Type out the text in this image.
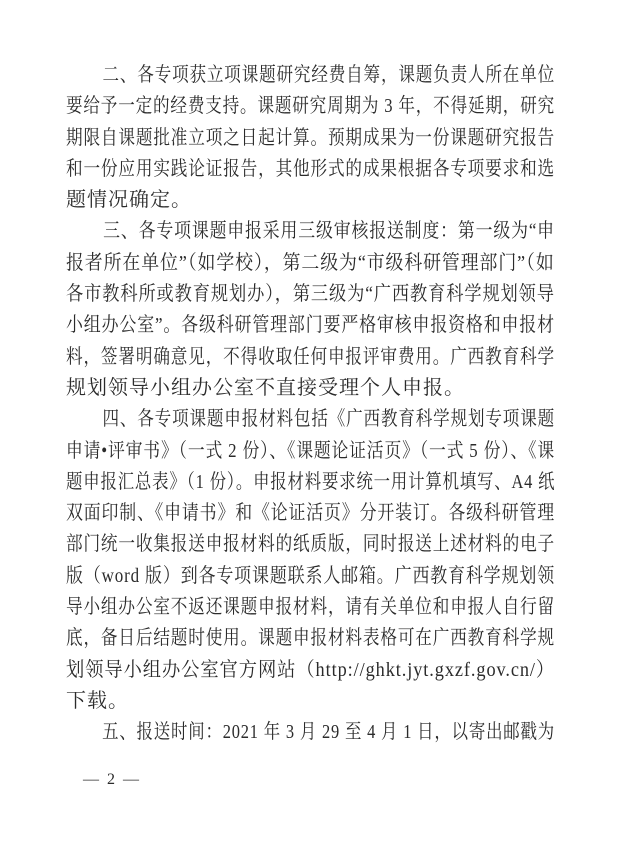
二、各专项获立项课题研究经费自筹，课题负责人所在单位
要给予一定的经费支持。课题研究周期为 3 年，不得延期，研究
期限自课题批准立项之日起计算。预期成果为一份课题研究报告
和一份应用实践论证报告，其他形式的成果根据各专项要求和选
题情况确定。
三、各专项课题申报采用三级审核报送制度：第一级为“申
报者所在单位”（如学校），第二级为“市级科研管理部门”（如
各市教科所或教育规划办），第三级为“广西教育科学规划领导
小组办公室”。各级科研管理部门要严格审核申报资格和申报材
料，签署明确意见，不得收取任何申报评审费用。广西教育科学
规划领导小组办公室不直接受理个人申报。
四、各专项课题申报材料包括《广西教育科学规划专项课题
申请•评审书》（一式 2 份）、《课题论证活页》（一式 5 份）、《课
题申报汇总表》（1 份）。申报材料要求统一用计算机填写、A4 纸
双面印制、《申请书》和《论证活页》分开装订。各级科研管理
部门统一收集报送申报材料的纸质版，同时报送上述材料的电子
版（word 版）到各专项课题联系人邮箱。广西教育科学规划领
导小组办公室不返还课题申报材料，请有关单位和申报人自行留
底，备日后结题时使用。课题申报材料表格可在广西教育科学规
划领导小组办公室官方网站（http://ghkt.jyt.gxzf.gov.cn/）
下载。
五、报送时间：2021 年 3 月 29 至 4 月 1 日，以寄出邮戳为
— 2 —
